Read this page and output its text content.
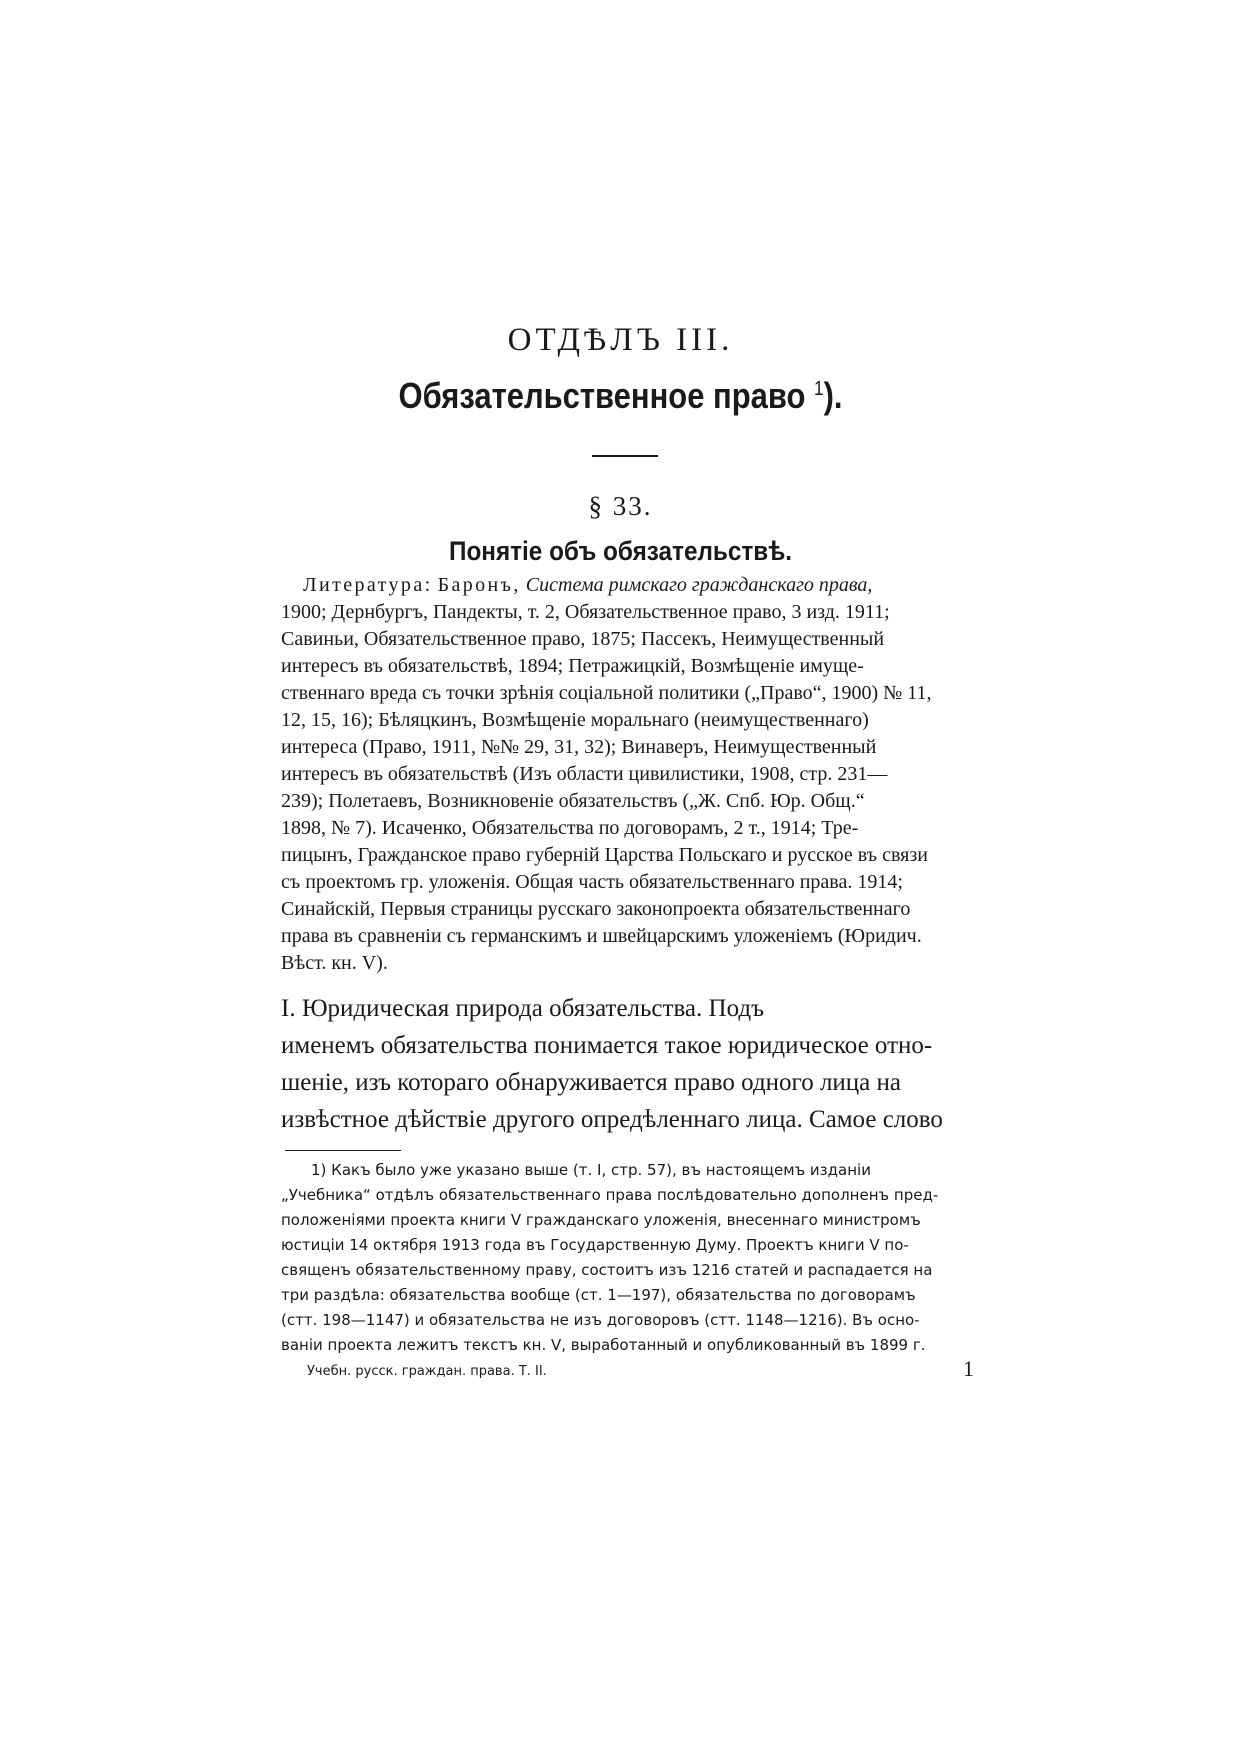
ОТДѢЛЪ III.
Обязательственное право $^1$).
§ 33.
Понятіе объ обязательствѣ.
Литература: Баронъ, Система римскаго гражданскаго права,
1900; Дернбургъ, Пандекты, т. 2, Обязательственное право, 3 изд. 1911;
Савиньи, Обязательственное право, 1875; Пассекъ, Неимущественный
интересъ въ обязательствѣ, 1894; Петражицкій, Возмѣщеніе имуще-
ственнаго вреда съ точки зрѣнія соціальной политики („Право“, 1900) № 11,
12, 15, 16); Бѣляцкинъ, Возмѣщеніе моральнаго (неимущественнаго)
интереса (Право, 1911, №№ 29, 31, 32); Винаверъ, Неимущественный
интересъ въ обязательствѣ (Изъ области цивилистики, 1908, стр. 231—
239); Полетаевъ, Возникновеніе обязательствъ („Ж. Спб. Юр. Общ.“
1898, № 7). Исаченко, Обязательства по договорамъ, 2 т., 1914; Тре-
пицынъ, Гражданское право губерній Царства Польскаго и русское въ связи
съ проектомъ гр. уложенія. Общая часть обязательственнаго права. 1914;
Синайскій, Первыя страницы русскаго законопроекта обязательственнаго
права въ сравненіи съ германскимъ и швейцарскимъ уложеніемъ (Юридич.
Вѣст. кн. V).
I. Юридическая природа обязательства. Подъ
именемъ обязательства понимается такое юридическое отно-
шеніе, изъ котораго обнаруживается право одного лица на
извѣстное дѣйствіе другого опредѣленнаго лица. Самое слово
1) Какъ было уже указано выше (т. I, стр. 57), въ настоящемъ изданіи
„Учебника“ отдѣлъ обязательственнаго права послѣдовательно дополненъ пред-
положеніями проекта книги V гражданскаго уложенія, внесеннаго министромъ
юстиціи 14 октября 1913 года въ Государственную Думу. Проектъ книги V по-
священъ обязательственному праву, состоитъ изъ 1216 статей и распадается на
три раздѣла: обязательства вообще (ст. 1—197), обязательства по договорамъ
(стт. 198—1147) и обязательства не изъ договоровъ (стт. 1148—1216). Въ осно-
ваніи проекта лежитъ текстъ кн. V, выработанный и опубликованный въ 1899 г.
Учебн. русск. граждан. права. Т. II.	1
